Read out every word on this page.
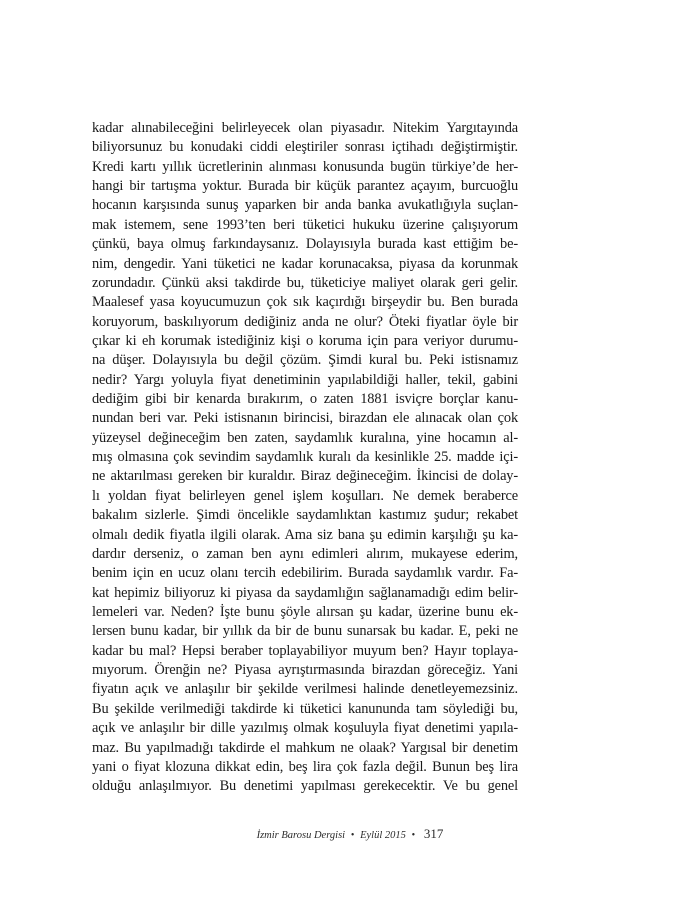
kadar alınabileceğini belirleyecek olan piyasadır. Nitekim Yargıtayında
biliyorsunuz bu konudaki ciddi eleştiriler sonrası içtihadı değiştirmiştir.
Kredi kartı yıllık ücretlerinin alınması konusunda bugün türkiye’de her-
hangi bir tartışma yoktur. Burada bir küçük parantez açayım, burcuoğlu
hocanın karşısında sunuş yaparken bir anda banka avukatlığıyla suçlan-
mak istemem, sene 1993’ten beri tüketici hukuku üzerine çalışıyorum
çünkü, baya olmuş farkındaysanız. Dolayısıyla burada kast ettiğim be-
nim, dengedir. Yani tüketici ne kadar korunacaksa, piyasa da korunmak
zorundadır. Çünkü aksi takdirde bu, tüketiciye maliyet olarak geri gelir.
Maalesef yasa koyucumuzun çok sık kaçırdığı birşeydir bu. Ben burada
koruyorum, baskılıyorum dediğiniz anda ne olur? Öteki fiyatlar öyle bir
çıkar ki eh korumak istediğiniz kişi o koruma için para veriyor durumu-
na düşer. Dolayısıyla bu değil çözüm. Şimdi kural bu. Peki istisnamız
nedir? Yargı yoluyla fiyat denetiminin yapılabildiği haller, tekil, gabini
dediğim gibi bir kenarda bırakırım, o zaten 1881 isviçre borçlar kanu-
nundan beri var. Peki istisnanın birincisi, birazdan ele alınacak olan çok
yüzeysel değineceğim ben zaten, saydamlık kuralına, yine hocamın al-
mış olmasına çok sevindim saydamlık kuralı da kesinlikle 25. madde içi-
ne aktarılması gereken bir kuraldır. Biraz değineceğim. İkincisi de dolay-
lı yoldan fiyat belirleyen genel işlem koşulları. Ne demek beraberce
bakalım sizlerle. Şimdi öncelikle saydamlıktan kastımız şudur; rekabet
olmalı dedik fiyatla ilgili olarak. Ama siz bana şu edimin karşılığı şu ka-
dardır derseniz, o zaman ben aynı edimleri alırım, mukayese ederim,
benim için en ucuz olanı tercih edebilirim. Burada saydamlık vardır. Fa-
kat hepimiz biliyoruz ki piyasa da saydamlığın sağlanamadığı edim belir-
lemeleri var. Neden? İşte bunu şöyle alırsan şu kadar, üzerine bunu ek-
lersen bunu kadar, bir yıllık da bir de bunu sunarsak bu kadar. E, peki ne
kadar bu mal? Hepsi beraber toplayabiliyor muyum ben? Hayır toplaya-
mıyorum. Örenğin ne? Piyasa ayrıştırmasında birazdan göreceğiz. Yani
fiyatın açık ve anlaşılır bir şekilde verilmesi halinde denetleyemezsiniz.
Bu şekilde verilmediği takdirde ki tüketici kanununda tam söylediği bu,
açık ve anlaşılır bir dille yazılmış olmak koşuluyla fiyat denetimi yapıla-
maz. Bu yapılmadığı takdirde el mahkum ne olaak? Yargısal bir denetim
yani o fiyat klozuna dikkat edin, beş lira çok fazla değil. Bunun beş lira
olduğu anlaşılmıyor. Bu denetimi yapılması gerekecektir. Ve bu genel
İzmir Barosu Dergisi • Eylül 2015 • 317
